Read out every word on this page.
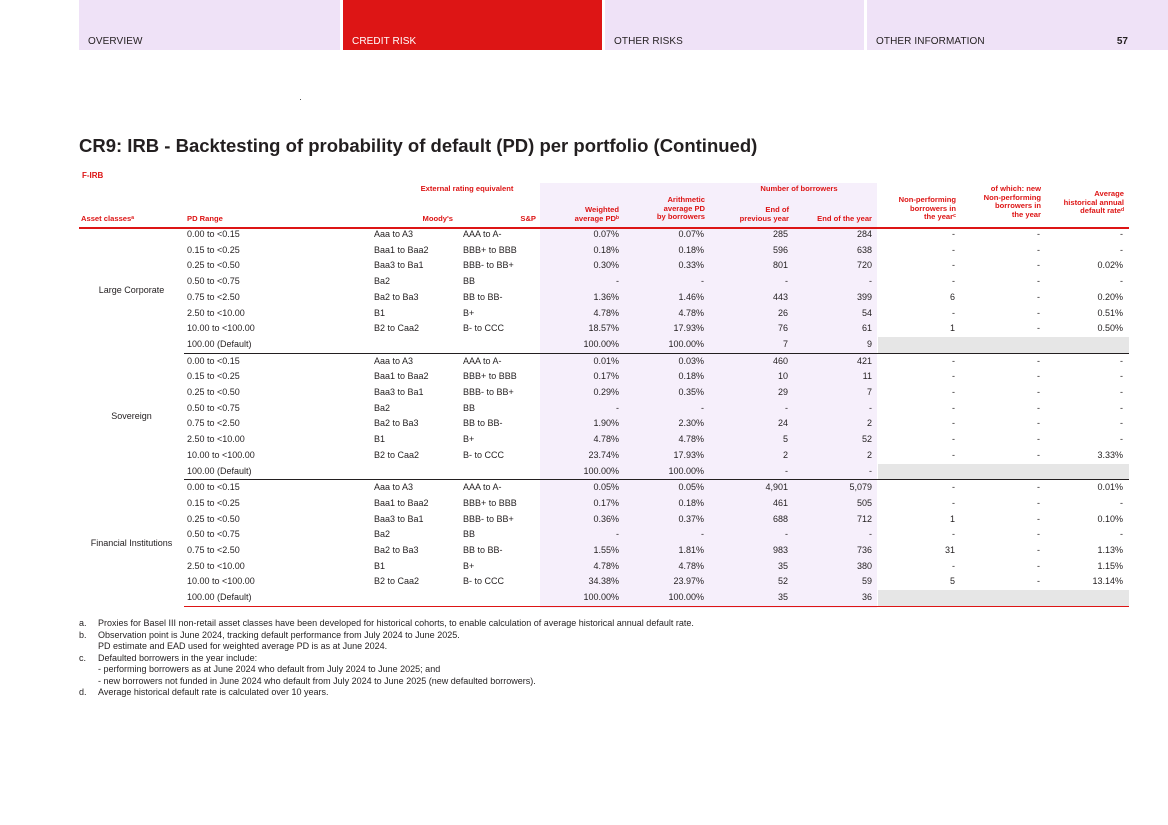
OVERVIEW	CREDIT RISK	OTHER RISKS	OTHER INFORMATION	57
CR9: IRB - Backtesting of probability of default (PD) per portfolio (Continued)
F-IRB
External rating equivalent	Number of borrowers
Asset classesᵃ	PD Range	Moody's	S&P
Weighted
average PDᵇ
Arithmetic
average PD
by borrowers
End of
previous year	End of the year
Non-performing
borrowers in
the yearᶜ
of which: new
Non-performing
borrowers in
the year
Average
historical annual
default rateᵈ
Large Corporate	0.00 to <0.15	Aaa to A3	AAA to A-	0.07%	0.07%	285	284	-	-	-
	0.15 to <0.25	Baa1 to Baa2	BBB+ to BBB	0.18%	0.18%	596	638	-	-	-
	0.25 to <0.50	Baa3 to Ba1	BBB- to BB+	0.30%	0.33%	801	720	-	-	0.02%
	0.50 to <0.75	Ba2	BB	-	-	-	-	-	-	-
	0.75 to <2.50	Ba2 to Ba3	BB to BB-	1.36%	1.46%	443	399	6	-	0.20%
	2.50 to <10.00	B1	B+	4.78%	4.78%	26	54	-	-	0.51%
	10.00 to <100.00	B2 to Caa2	B- to CCC	18.57%	17.93%	76	61	1	-	0.50%
	100.00 (Default)			100.00%	100.00%	7	9			
Sovereign	0.00 to <0.15	Aaa to A3	AAA to A-	0.01%	0.03%	460	421	-	-	-
	0.15 to <0.25	Baa1 to Baa2	BBB+ to BBB	0.17%	0.18%	10	11	-	-	-
	0.25 to <0.50	Baa3 to Ba1	BBB- to BB+	0.29%	0.35%	29	7	-	-	-
	0.50 to <0.75	Ba2	BB	-	-	-	-	-	-	-
	0.75 to <2.50	Ba2 to Ba3	BB to BB-	1.90%	2.30%	24	2	-	-	-
	2.50 to <10.00	B1	B+	4.78%	4.78%	5	52	-	-	-
	10.00 to <100.00	B2 to Caa2	B- to CCC	23.74%	17.93%	2	2	-	-	3.33%
	100.00 (Default)			100.00%	100.00%	-	-			
Financial Institutions	0.00 to <0.15	Aaa to A3	AAA to A-	0.05%	0.05%	4,901	5,079	-	-	0.01%
	0.15 to <0.25	Baa1 to Baa2	BBB+ to BBB	0.17%	0.18%	461	505	-	-	-
	0.25 to <0.50	Baa3 to Ba1	BBB- to BB+	0.36%	0.37%	688	712	1	-	0.10%
	0.50 to <0.75	Ba2	BB	-	-	-	-	-	-	-
	0.75 to <2.50	Ba2 to Ba3	BB to BB-	1.55%	1.81%	983	736	31	-	1.13%
	2.50 to <10.00	B1	B+	4.78%	4.78%	35	380	-	-	1.15%
	10.00 to <100.00	B2 to Caa2	B- to CCC	34.38%	23.97%	52	59	5	-	13.14%
	100.00 (Default)			100.00%	100.00%	35	36			
a.	Proxies for Basel III non-retail asset classes have been developed for historical cohorts, to enable calculation of average historical annual default rate.
b.	Observation point is June 2024, tracking default performance from July 2024 to June 2025.
PD estimate and EAD used for weighted average PD is as at June 2024.
c.	Defaulted borrowers in the year include:
- performing borrowers as at June 2024 who default from July 2024 to June 2025; and
- new borrowers not funded in June 2024 who default from July 2024 to June 2025 (new defaulted borrowers).
d.	Average historical default rate is calculated over 10 years.
